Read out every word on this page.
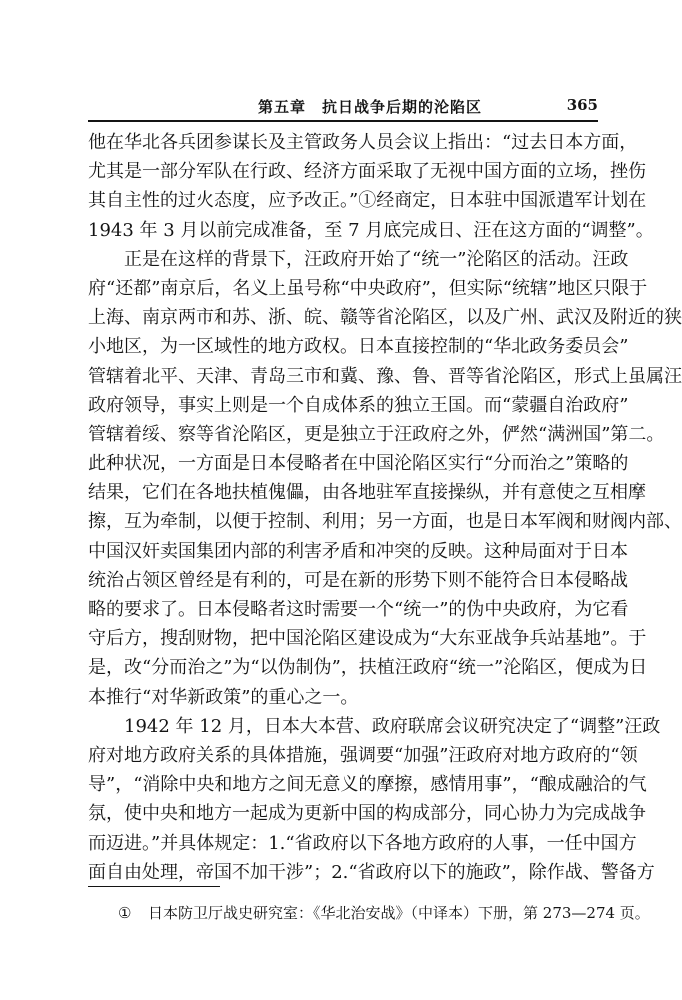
第五章　抗日战争后期的沦陷区	365
他在华北各兵团参谋长及主管政务人员会议上指出：“过去日本方面，
尤其是一部分军队在行政、经济方面采取了无视中国方面的立场，挫伤
其自主性的过火态度，应予改正。”①经商定，日本驻中国派遣军计划在
1943 年 3 月以前完成准备，至 7 月底完成日、汪在这方面的“调整”。
正是在这样的背景下，汪政府开始了“统一”沦陷区的活动。汪政
府“还都”南京后，名义上虽号称“中央政府”，但实际“统辖”地区只限于
上海、南京两市和苏、浙、皖、赣等省沦陷区，以及广州、武汉及附近的狭
小地区，为一区域性的地方政权。日本直接控制的“华北政务委员会”
管辖着北平、天津、青岛三市和冀、豫、鲁、晋等省沦陷区，形式上虽属汪
政府领导，事实上则是一个自成体系的独立王国。而“蒙疆自治政府”
管辖着绥、察等省沦陷区，更是独立于汪政府之外，俨然“满洲国”第二。
此种状况，一方面是日本侵略者在中国沦陷区实行“分而治之”策略的
结果，它们在各地扶植傀儡，由各地驻军直接操纵，并有意使之互相摩
擦，互为牵制，以便于控制、利用；另一方面，也是日本军阀和财阀内部、
中国汉奸卖国集团内部的利害矛盾和冲突的反映。这种局面对于日本
统治占领区曾经是有利的，可是在新的形势下则不能符合日本侵略战
略的要求了。日本侵略者这时需要一个“统一”的伪中央政府，为它看
守后方，搜刮财物，把中国沦陷区建设成为“大东亚战争兵站基地”。于
是，改“分而治之”为“以伪制伪”，扶植汪政府“统一”沦陷区，便成为日
本推行“对华新政策”的重心之一。
1942 年 12 月，日本大本营、政府联席会议研究决定了“调整”汪政
府对地方政府关系的具体措施，强调要“加强”汪政府对地方政府的“领
导”，“消除中央和地方之间无意义的摩擦，感情用事”，“酿成融洽的气
氛，使中央和地方一起成为更新中国的构成部分，同心协力为完成战争
而迈进。”并具体规定：1.“省政府以下各地方政府的人事，一任中国方
面自由处理，帝国不加干涉”；2.“省政府以下的施政”，除作战、警备方
① 日本防卫厅战史研究室：《华北治安战》（中译本）下册，第 273—274 页。
